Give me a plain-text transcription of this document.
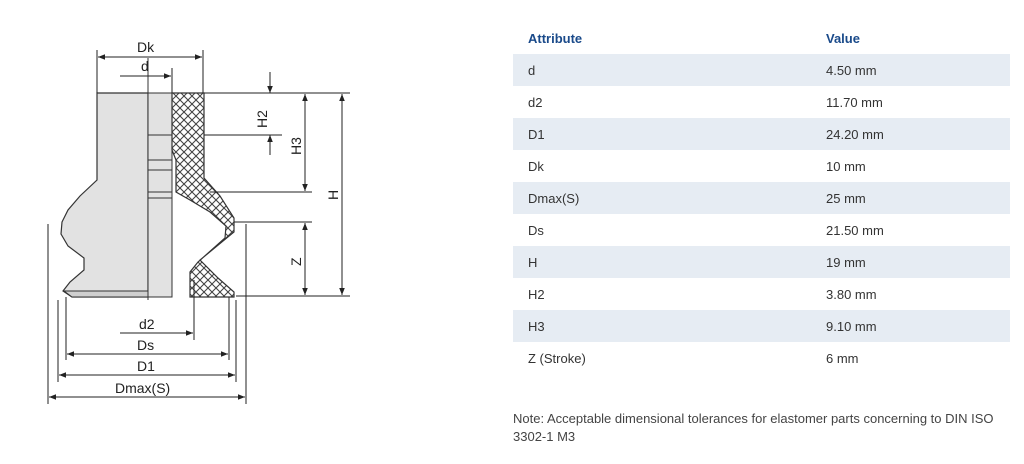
Dk
d
H2
H3
H
Z
d2
Ds
D1
Dmax(S)
Attribute	Value
d	4.50 mm
d2	11.70 mm
D1	24.20 mm
Dk	10 mm
Dmax(S)	25 mm
Ds	21.50 mm
H	19 mm
H2	3.80 mm
H3	9.10 mm
Z (Stroke)	6 mm

Note: Acceptable dimensional tolerances for elastomer parts concerning to DIN ISO 3302-1 M3
